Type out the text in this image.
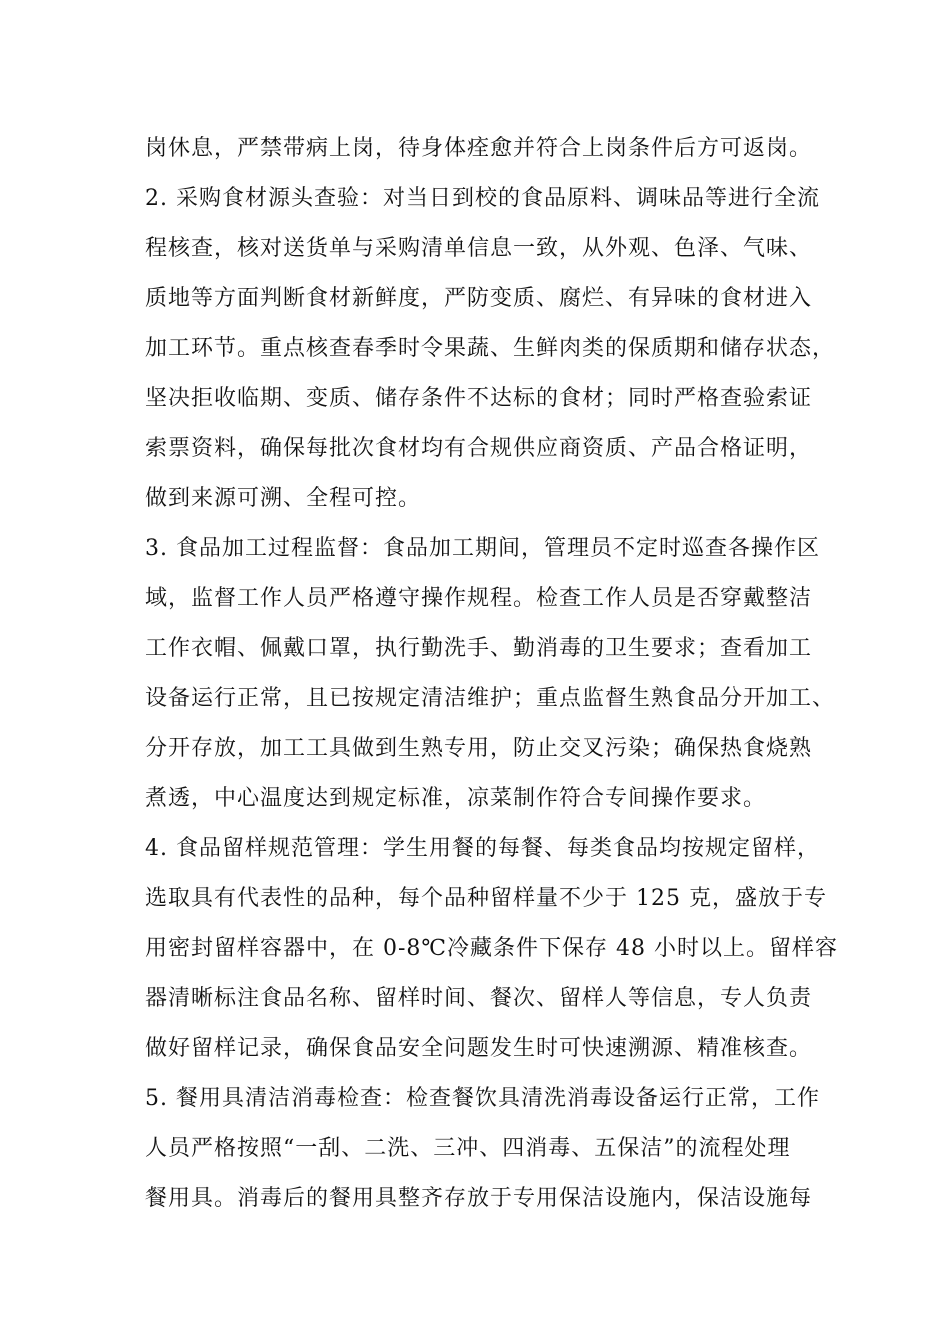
岗休息，严禁带病上岗，待身体痊愈并符合上岗条件后方可返岗。
2. 采购食材源头查验：对当日到校的食品原料、调味品等进行全流
程核查，核对送货单与采购清单信息一致，从外观、色泽、气味、
质地等方面判断食材新鲜度，严防变质、腐烂、有异味的食材进入
加工环节。重点核查春季时令果蔬、生鲜肉类的保质期和储存状态，
坚决拒收临期、变质、储存条件不达标的食材；同时严格查验索证
索票资料，确保每批次食材均有合规供应商资质、产品合格证明，
做到来源可溯、全程可控。
3. 食品加工过程监督：食品加工期间，管理员不定时巡查各操作区
域，监督工作人员严格遵守操作规程。检查工作人员是否穿戴整洁
工作衣帽、佩戴口罩，执行勤洗手、勤消毒的卫生要求；查看加工
设备运行正常，且已按规定清洁维护；重点监督生熟食品分开加工、
分开存放，加工工具做到生熟专用，防止交叉污染；确保热食烧熟
煮透，中心温度达到规定标准，凉菜制作符合专间操作要求。
4. 食品留样规范管理：学生用餐的每餐、每类食品均按规定留样，
选取具有代表性的品种，每个品种留样量不少于 125 克，盛放于专
用密封留样容器中，在 0-8℃冷藏条件下保存 48 小时以上。留样容
器清晰标注食品名称、留样时间、餐次、留样人等信息，专人负责
做好留样记录，确保食品安全问题发生时可快速溯源、精准核查。
5. 餐用具清洁消毒检查：检查餐饮具清洗消毒设备运行正常，工作
人员严格按照“一刮、二洗、三冲、四消毒、五保洁”的流程处理
餐用具。消毒后的餐用具整齐存放于专用保洁设施内，保洁设施每
